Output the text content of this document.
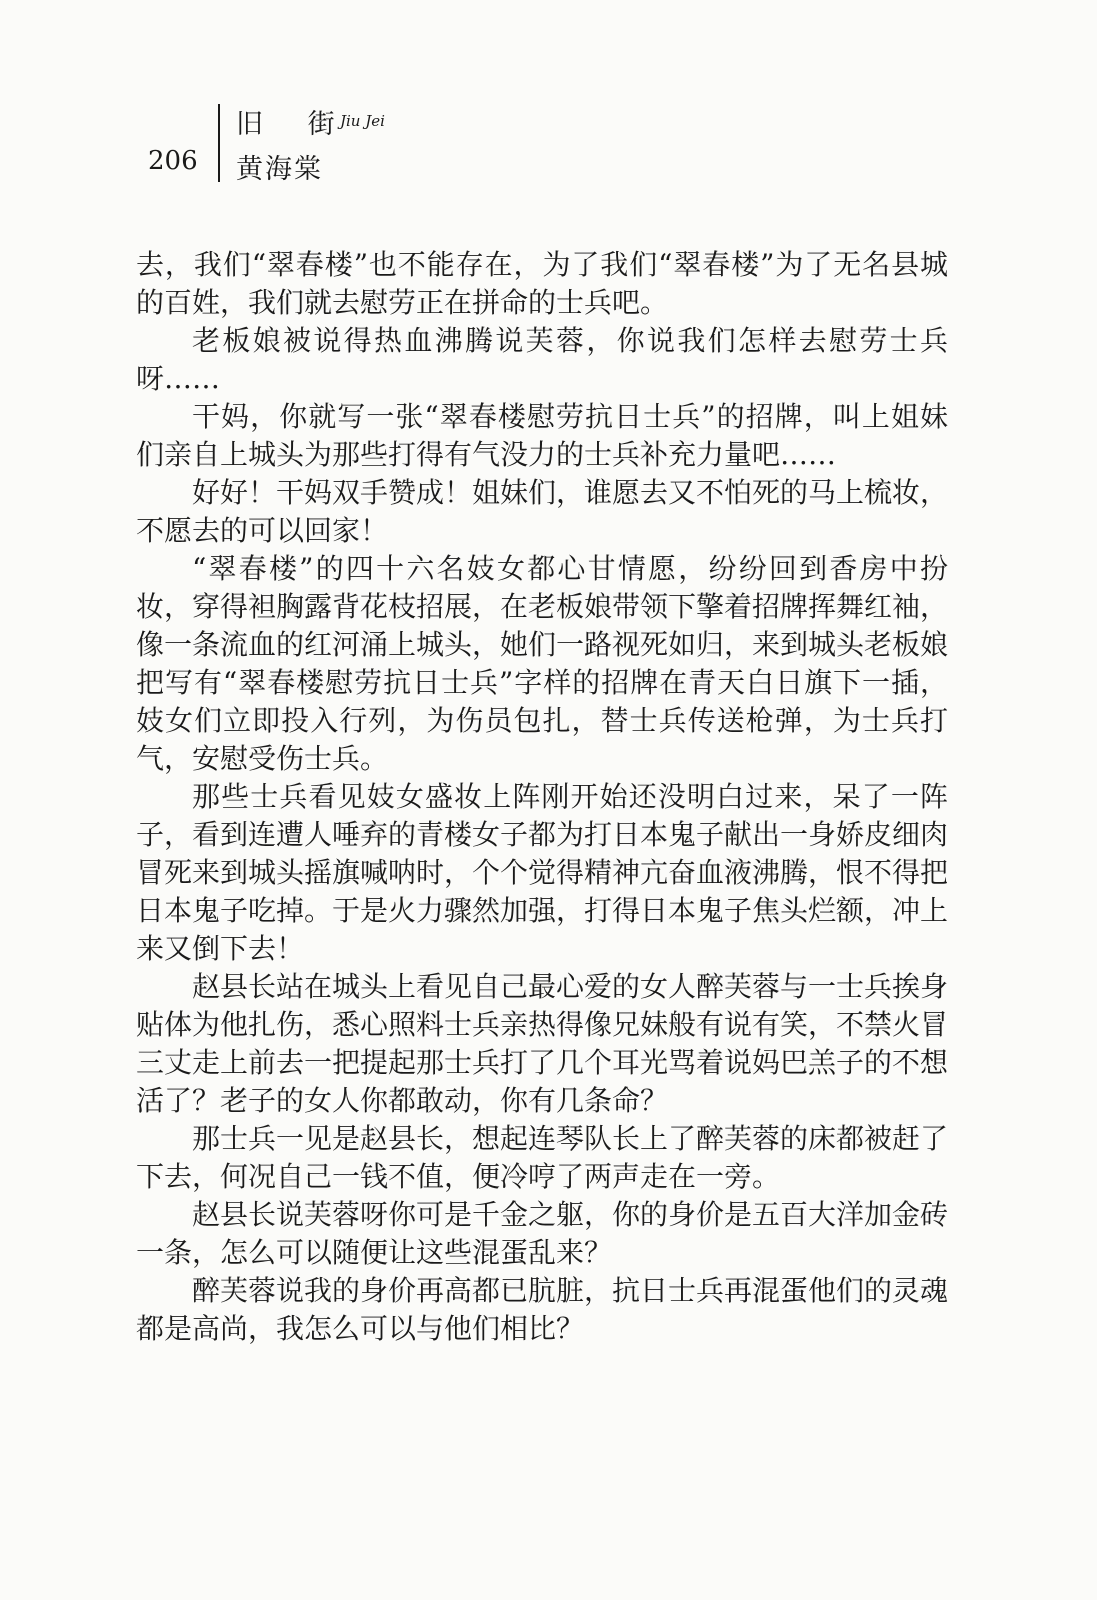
206
旧 街
Jiu Jei
黄海棠

去，我们“翠春楼”也不能存在，为了我们“翠春楼”为了无名县城的百姓，我们就去慰劳正在拼命的士兵吧。

老板娘被说得热血沸腾说芙蓉，你说我们怎样去慰劳士兵呀……

干妈，你就写一张“翠春楼慰劳抗日士兵”的招牌，叫上姐妹们亲自上城头为那些打得有气没力的士兵补充力量吧……

好好！干妈双手赞成！姐妹们，谁愿去又不怕死的马上梳妆，不愿去的可以回家！

“翠春楼”的四十六名妓女都心甘情愿，纷纷回到香房中扮妆，穿得袒胸露背花枝招展，在老板娘带领下擎着招牌挥舞红袖，像一条流血的红河涌上城头，她们一路视死如归，来到城头老板娘把写有“翠春楼慰劳抗日士兵”字样的招牌在青天白日旗下一插，妓女们立即投入行列，为伤员包扎，替士兵传送枪弹，为士兵打气，安慰受伤士兵。

那些士兵看见妓女盛妆上阵刚开始还没明白过来，呆了一阵子，看到连遭人唾弃的青楼女子都为打日本鬼子献出一身娇皮细肉冒死来到城头摇旗喊呐时，个个觉得精神亢奋血液沸腾，恨不得把日本鬼子吃掉。于是火力骤然加强，打得日本鬼子焦头烂额，冲上来又倒下去！

赵县长站在城头上看见自己最心爱的女人醉芙蓉与一士兵挨身贴体为他扎伤，悉心照料士兵亲热得像兄妹般有说有笑，不禁火冒三丈走上前去一把提起那士兵打了几个耳光骂着说妈巴羔子的不想活了？老子的女人你都敢动，你有几条命？

那士兵一见是赵县长，想起连琴队长上了醉芙蓉的床都被赶了下去，何况自己一钱不值，便冷哼了两声走在一旁。

赵县长说芙蓉呀你可是千金之躯，你的身价是五百大洋加金砖一条，怎么可以随便让这些混蛋乱来？

醉芙蓉说我的身价再高都已肮脏，抗日士兵再混蛋他们的灵魂都是高尚，我怎么可以与他们相比？
